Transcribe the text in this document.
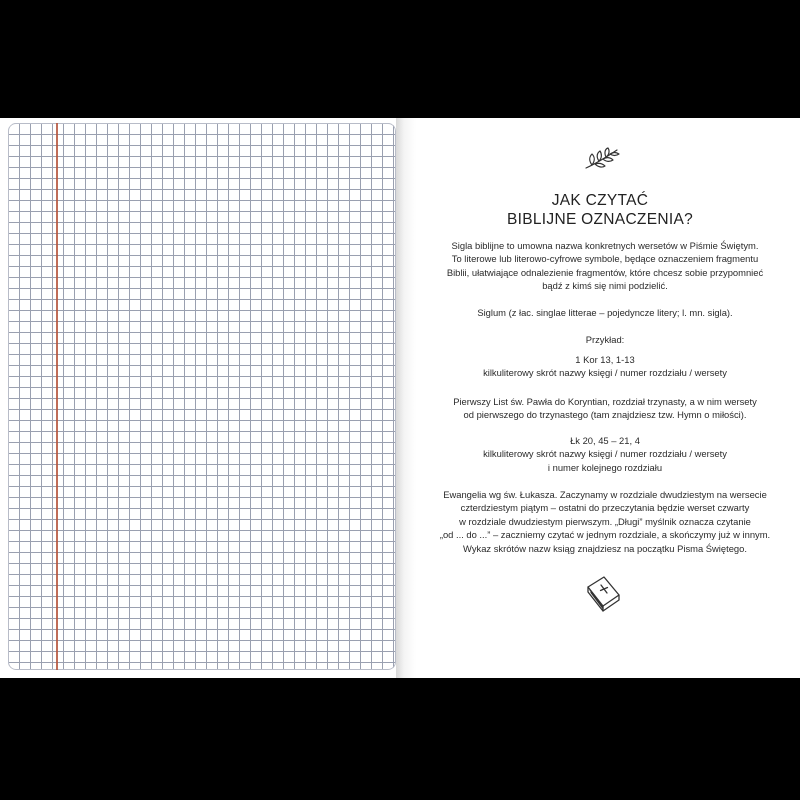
JAK CZYTAĆ
BIBLIJNE OZNACZENIA?
Sigla biblijne to umowna nazwa konkretnych wersetów w Piśmie Świętym.
To literowe lub literowo-cyfrowe symbole, będące oznaczeniem fragmentu
Biblii, ułatwiające odnalezienie fragmentów, które chcesz sobie przypomnieć
bądź z kimś się nimi podzielić.
Siglum (z łac. singlae litterae – pojedyncze litery; l. mn. sigla).
Przykład:
1 Kor 13, 1-13
kilkuliterowy skrót nazwy księgi / numer rozdziału / wersety
Pierwszy List św. Pawła do Koryntian, rozdział trzynasty, a w nim wersety
od pierwszego do trzynastego (tam znajdziesz tzw. Hymn o miłości).
Łk 20, 45 – 21, 4
kilkuliterowy skrót nazwy księgi / numer rozdziału / wersety
i numer kolejnego rozdziału
Ewangelia wg św. Łukasza. Zaczynamy w rozdziale dwudziestym na wersecie
czterdziestym piątym – ostatni do przeczytania będzie werset czwarty
w rozdziale dwudziestym pierwszym. „Długi” myślnik oznacza czytanie
„od ... do ...” – zaczniemy czytać w jednym rozdziale, a skończymy już w innym.
Wykaz skrótów nazw ksiąg znajdziesz na początku Pisma Świętego.
